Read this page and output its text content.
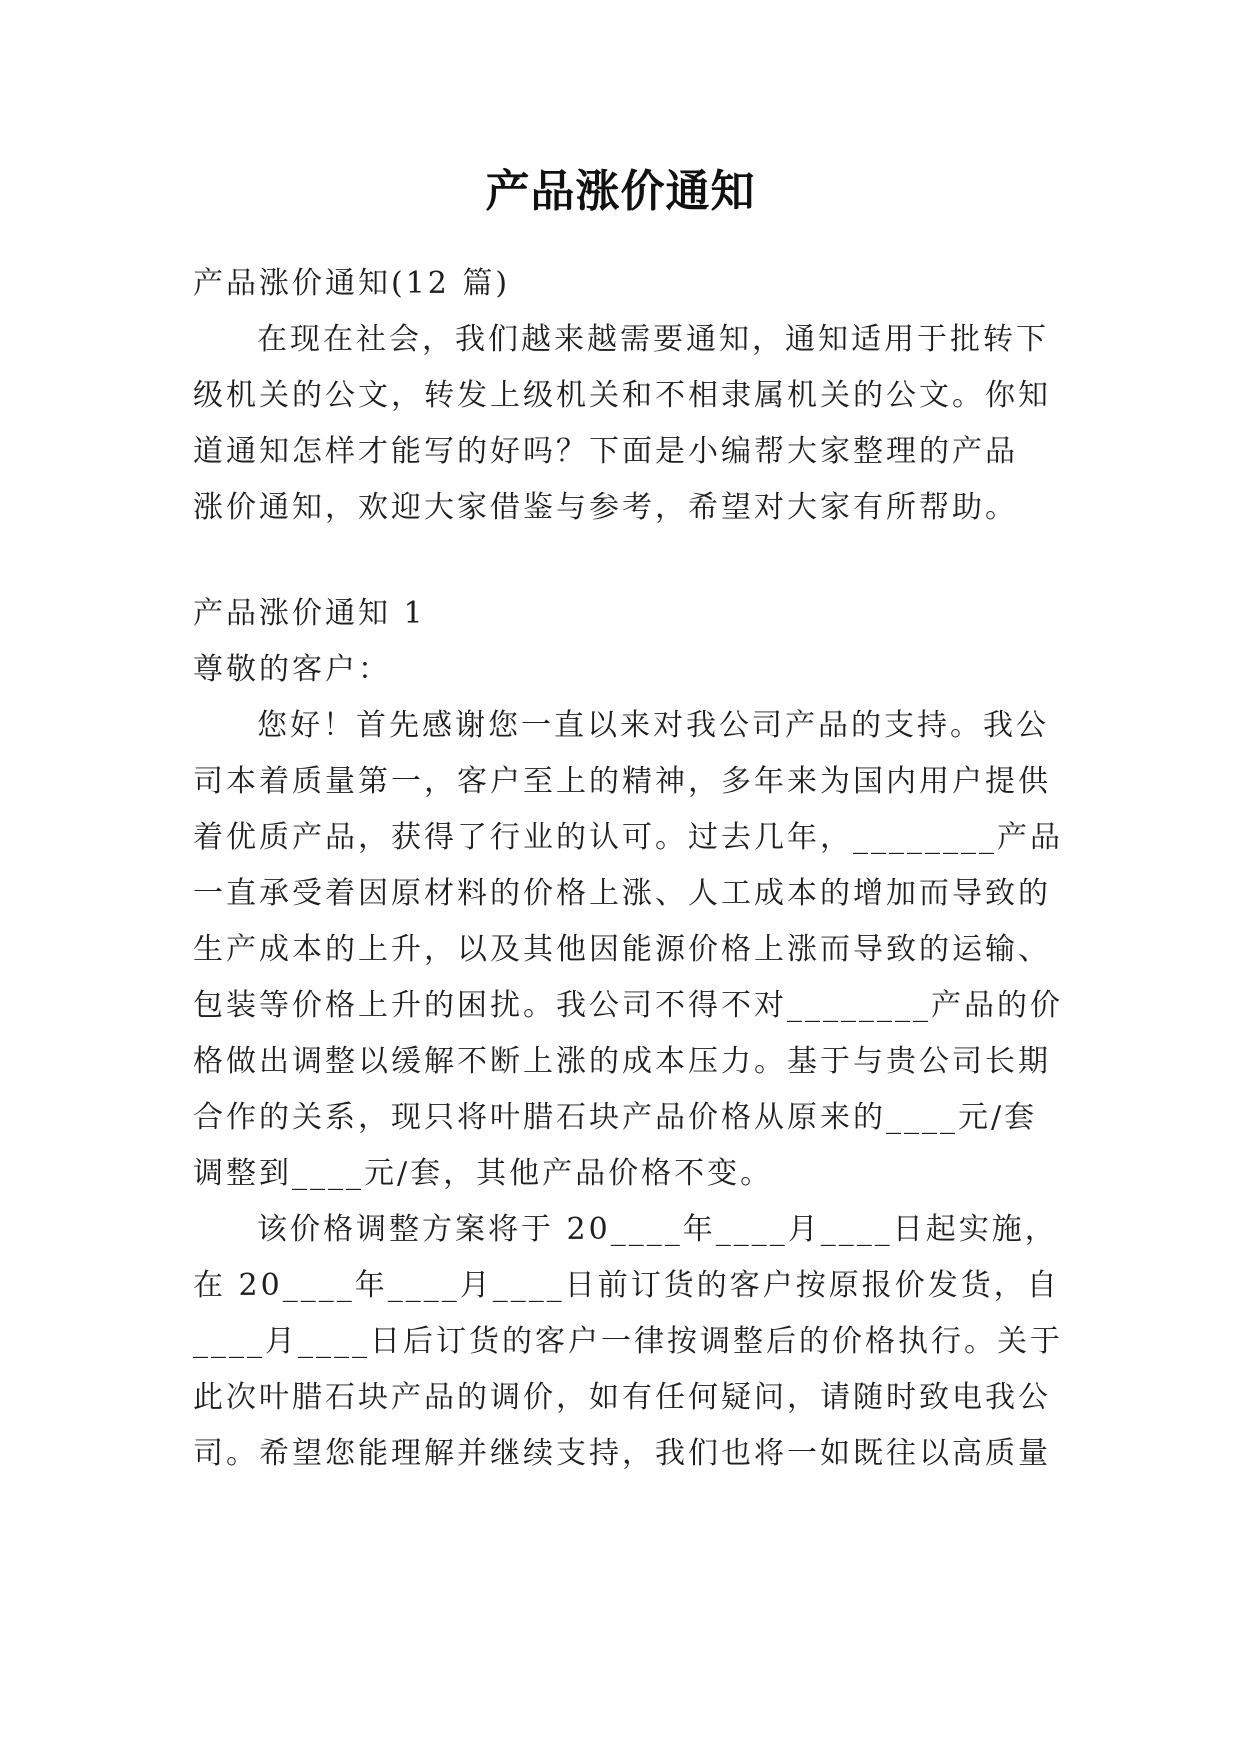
产品涨价通知
产品涨价通知(12 篇)
在现在社会，我们越来越需要通知，通知适用于批转下
级机关的公文，转发上级机关和不相隶属机关的公文。你知
道通知怎样才能写的好吗？下面是小编帮大家整理的产品
涨价通知，欢迎大家借鉴与参考，希望对大家有所帮助。
产品涨价通知 1
尊敬的客户：
您好！首先感谢您一直以来对我公司产品的支持。我公
司本着质量第一，客户至上的精神，多年来为国内用户提供
着优质产品，获得了行业的认可。过去几年，________产品
一直承受着因原材料的价格上涨、人工成本的增加而导致的
生产成本的上升，以及其他因能源价格上涨而导致的运输、
包装等价格上升的困扰。我公司不得不对________产品的价
格做出调整以缓解不断上涨的成本压力。基于与贵公司长期
合作的关系，现只将叶腊石块产品价格从原来的____元/套
调整到____元/套，其他产品价格不变。
该价格调整方案将于 20____年____月____日起实施，
在 20____年____月____日前订货的客户按原报价发货，自
____月____日后订货的客户一律按调整后的价格执行。关于
此次叶腊石块产品的调价，如有任何疑问，请随时致电我公
司。希望您能理解并继续支持，我们也将一如既往以高质量
